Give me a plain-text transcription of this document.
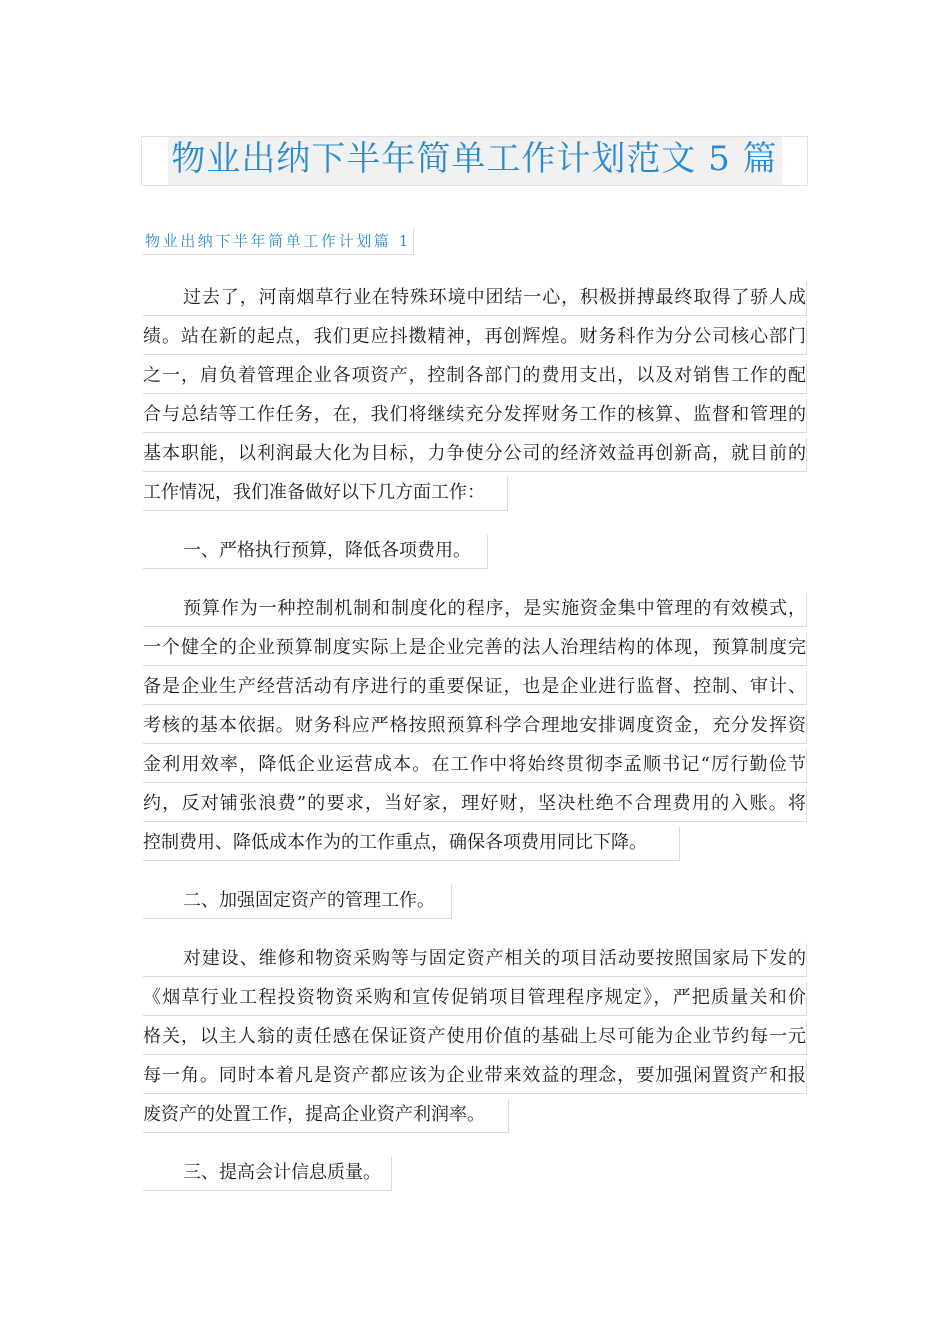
物业出纳下半年简单工作计划范文 5 篇
物业出纳下半年简单工作计划篇 1
过去了，河南烟草行业在特殊环境中团结一心，积极拼搏最终取得了骄人成
绩。站在新的起点，我们更应抖擞精神，再创辉煌。财务科作为分公司核心部门
之一，肩负着管理企业各项资产，控制各部门的费用支出，以及对销售工作的配
合与总结等工作任务，在，我们将继续充分发挥财务工作的核算、监督和管理的
基本职能，以利润最大化为目标，力争使分公司的经济效益再创新高，就目前的
工作情况，我们准备做好以下几方面工作：
一、严格执行预算，降低各项费用。
预算作为一种控制机制和制度化的程序，是实施资金集中管理的有效模式，
一个健全的企业预算制度实际上是企业完善的法人治理结构的体现，预算制度完
备是企业生产经营活动有序进行的重要保证，也是企业进行监督、控制、审计、
考核的基本依据。财务科应严格按照预算科学合理地安排调度资金，充分发挥资
金利用效率，降低企业运营成本。在工作中将始终贯彻李孟顺书记“厉行勤俭节
约，反对铺张浪费”的要求，当好家，理好财，坚决杜绝不合理费用的入账。将
控制费用、降低成本作为的工作重点，确保各项费用同比下降。
二、加强固定资产的管理工作。
对建设、维修和物资采购等与固定资产相关的项目活动要按照国家局下发的
《烟草行业工程投资物资采购和宣传促销项目管理程序规定》，严把质量关和价
格关，以主人翁的责任感在保证资产使用价值的基础上尽可能为企业节约每一元
每一角。同时本着凡是资产都应该为企业带来效益的理念，要加强闲置资产和报
废资产的处置工作，提高企业资产利润率。
三、提高会计信息质量。
